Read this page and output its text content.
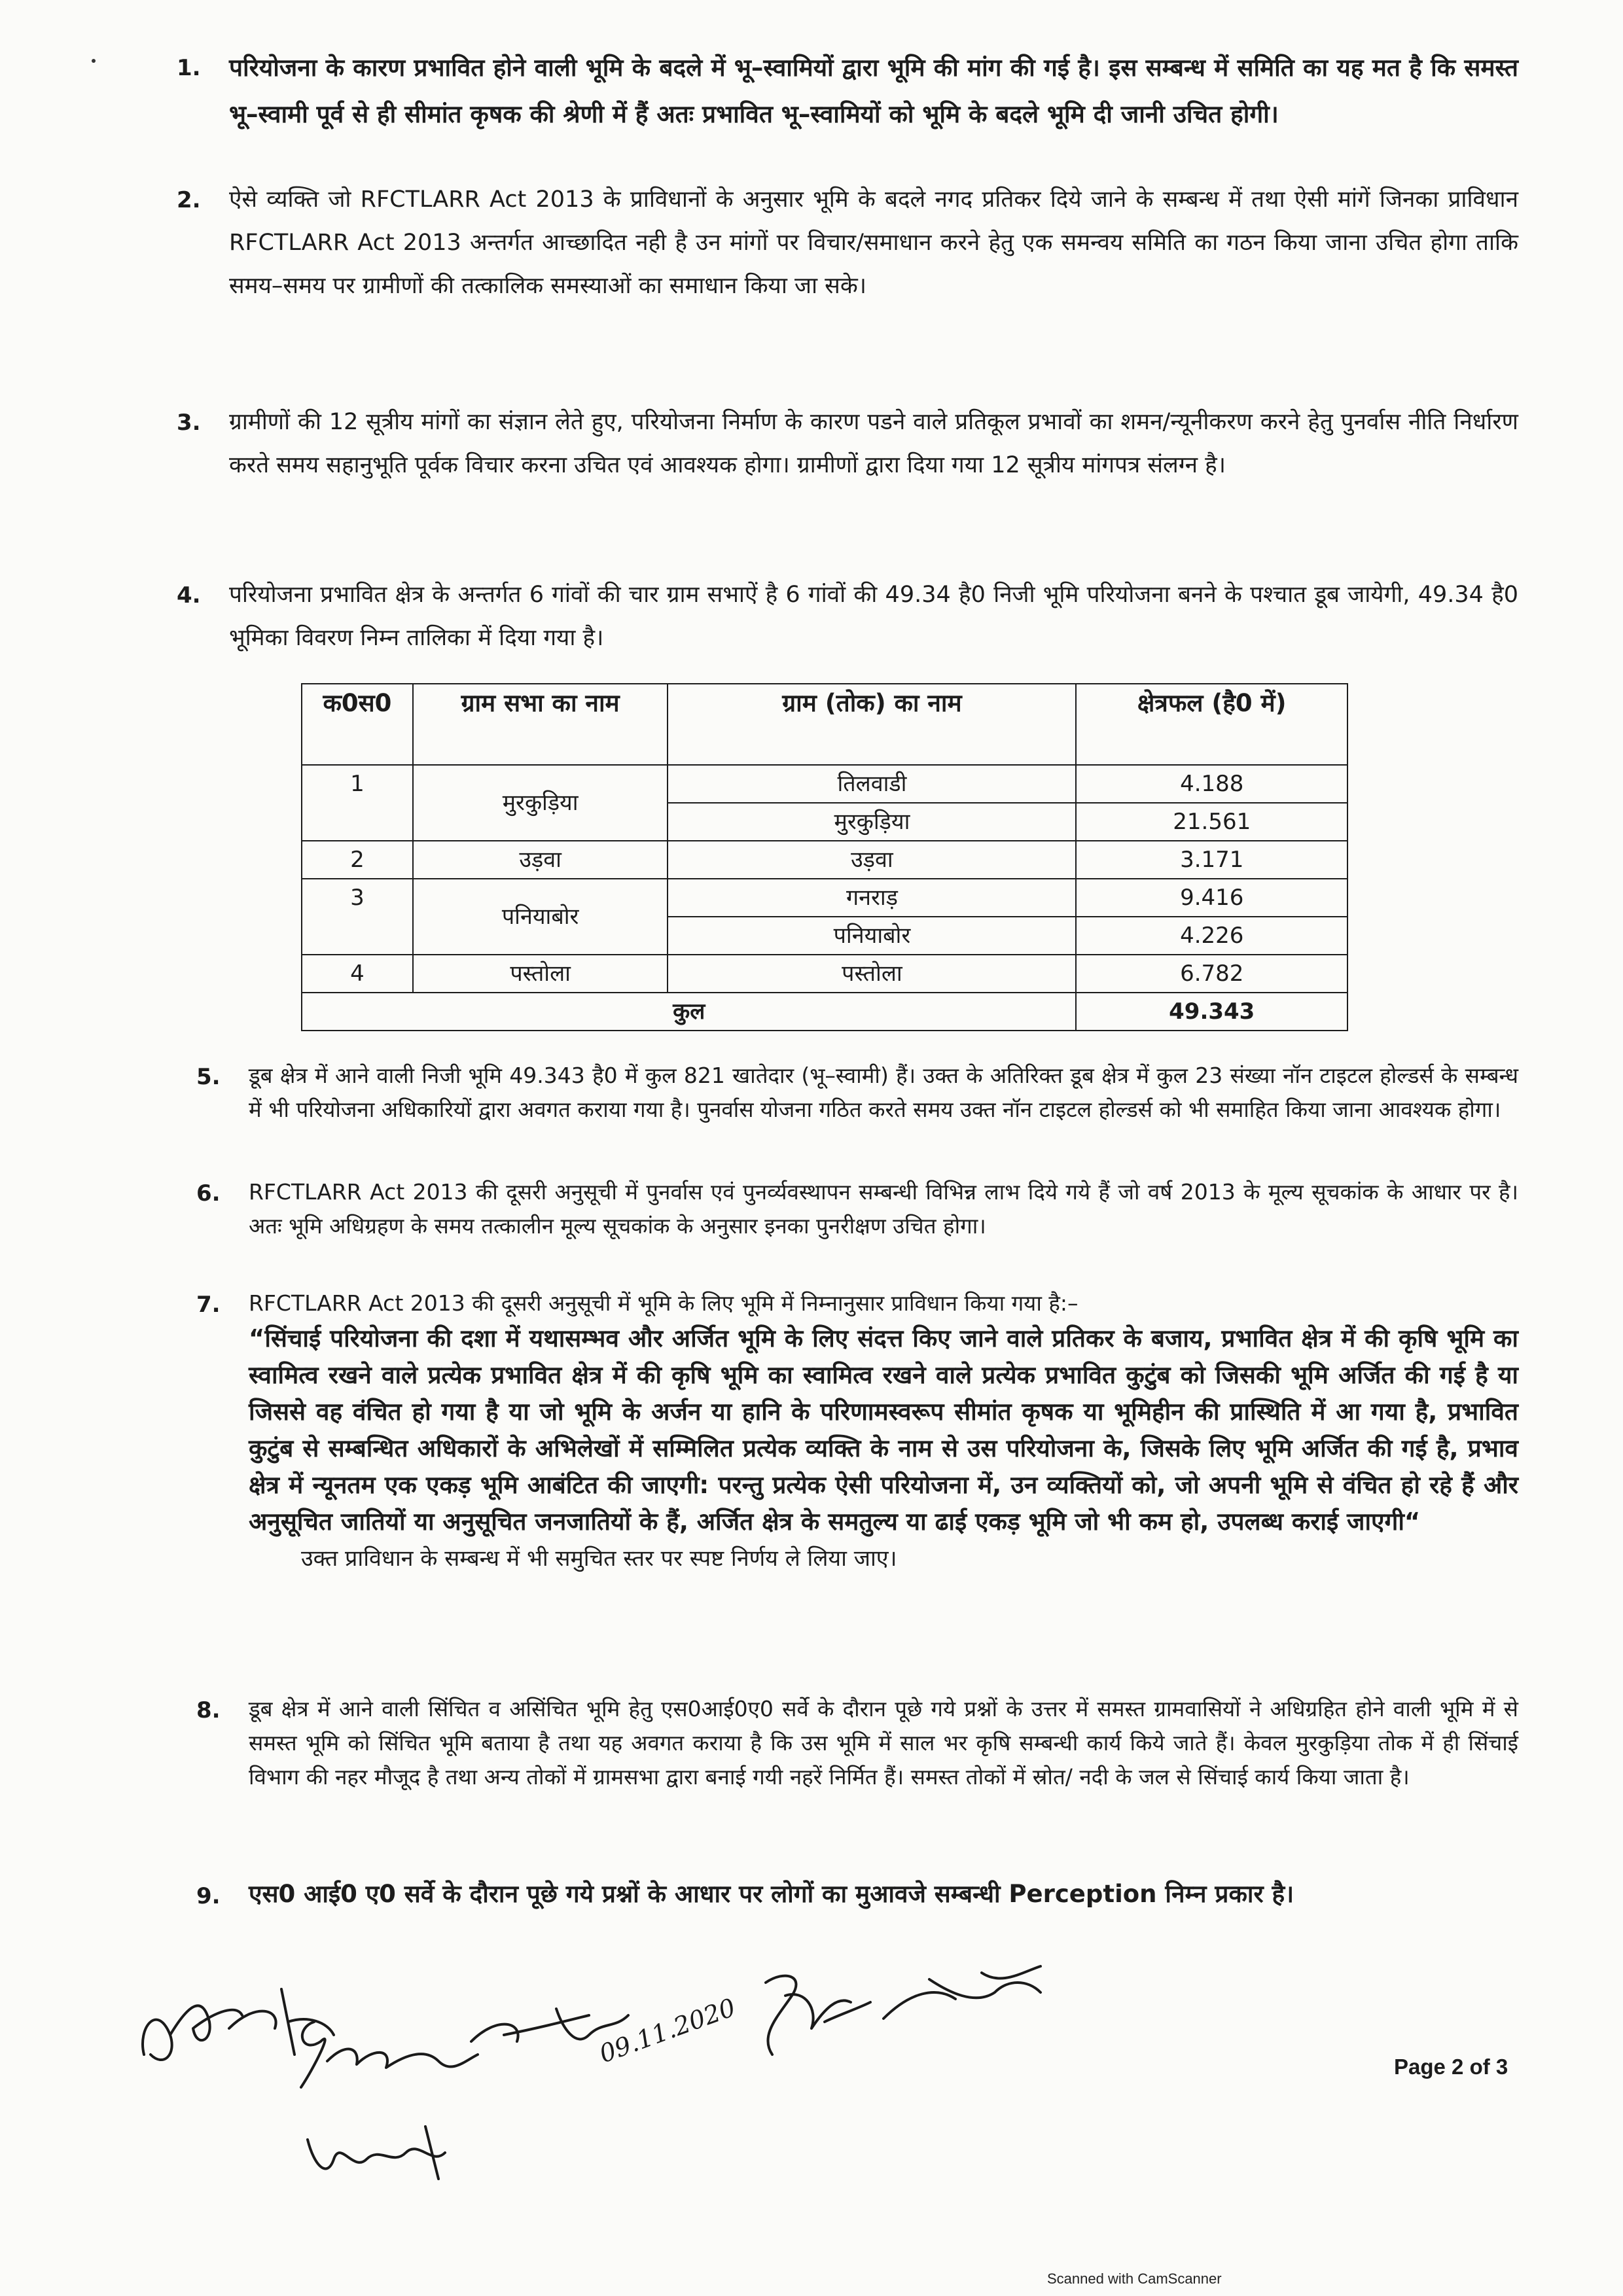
1.	परियोजना के कारण प्रभावित होने वाली भूमि के बदले में भू–स्वामियों द्वारा भूमि की मांग की गई है। इस सम्बन्ध में समिति का यह मत है कि समस्त भू–स्वामी पूर्व से ही सीमांत कृषक की श्रेणी में हैं अतः प्रभावित भू–स्वामियों को भूमि के बदले भूमि दी जानी उचित होगी।
2.	ऐसे व्यक्ति जो RFCTLARR Act 2013 के प्राविधानों के अनुसार भूमि के बदले नगद प्रतिकर दिये जाने के सम्बन्ध में तथा ऐसी मांगें जिनका प्राविधान RFCTLARR Act 2013 अन्तर्गत आच्छादित नही है उन मांगों पर विचार/समाधान करने हेतु एक समन्वय समिति का गठन किया जाना उचित होगा ताकि समय–समय पर ग्रामीणों की तत्कालिक समस्याओं का समाधान किया जा सके।
3.	ग्रामीणों की 12 सूत्रीय मांगों का संज्ञान लेते हुए, परियोजना निर्माण के कारण पडने वाले प्रतिकूल प्रभावों का शमन/न्यूनीकरण करने हेतु पुनर्वास नीति निर्धारण करते समय सहानुभूति पूर्वक विचार करना उचित एवं आवश्यक होगा। ग्रामीणों द्वारा दिया गया 12 सूत्रीय मांगपत्र संलग्न है।
4.	परियोजना प्रभावित क्षेत्र के अन्तर्गत 6 गांवों की चार ग्राम सभाऐं है 6 गांवों की 49.34 है0 निजी भूमि परियोजना बनने के पश्चात डूब जायेगी, 49.34 है0 भूमिका विवरण निम्न तालिका में दिया गया है।
क0स0	ग्राम सभा का नाम	ग्राम (तोक) का नाम	क्षेत्रफल (है0 में)
1	मुरकुड़िया	तिलवाडी	4.188
		मुरकुड़िया	21.561
2	उड़वा	उड़वा	3.171
3	पनियाबोर	गनराड़	9.416
		पनियाबोर	4.226
4	पस्तोला	पस्तोला	6.782
कुल			49.343
5.	डूब क्षेत्र में आने वाली निजी भूमि 49.343 है0 में कुल 821 खातेदार (भू–स्वामी) हैं। उक्त के अतिरिक्त डूब क्षेत्र में कुल 23 संख्या नॉन टाइटल होल्डर्स के सम्बन्ध में भी परियोजना अधिकारियों द्वारा अवगत कराया गया है। पुनर्वास योजना गठित करते समय उक्त नॉन टाइटल होल्डर्स को भी समाहित किया जाना आवश्यक होगा।
6.	RFCTLARR Act 2013 की दूसरी अनुसूची में पुनर्वास एवं पुनर्व्यवस्थापन सम्बन्धी विभिन्न लाभ दिये गये हैं जो वर्ष 2013 के मूल्य सूचकांक के आधार पर है। अतः भूमि अधिग्रहण के समय तत्कालीन मूल्य सूचकांक के अनुसार इनका पुनरीक्षण उचित होगा।
7.	RFCTLARR Act 2013 की दूसरी अनुसूची में भूमि के लिए भूमि में निम्नानुसार प्राविधान किया गया है:–
“सिंचाई परियोजना की दशा में यथासम्भव और अर्जित भूमि के लिए संदत्त किए जाने वाले प्रतिकर के बजाय, प्रभावित क्षेत्र में की कृषि भूमि का स्वामित्व रखने वाले प्रत्येक प्रभावित क्षेत्र में की कृषि भूमि का स्वामित्व रखने वाले प्रत्येक प्रभावित कुटुंब को जिसकी भूमि अर्जित की गई है या जिससे वह वंचित हो गया है या जो भूमि के अर्जन या हानि के परिणामस्वरूप सीमांत कृषक या भूमिहीन की प्रास्थिति में आ गया है, प्रभावित कुटुंब से सम्बन्धित अधिकारों के अभिलेखों में सम्मिलित प्रत्येक व्यक्ति के नाम से उस परियोजना के, जिसके लिए भूमि अर्जित की गई है, प्रभाव क्षेत्र में न्यूनतम एक एकड़ भूमि आबंटित की जाएगी: परन्तु प्रत्येक ऐसी परियोजना में, उन व्यक्तियों को, जो अपनी भूमि से वंचित हो रहे हैं और अनुसूचित जातियों या अनुसूचित जनजातियों के हैं, अर्जित क्षेत्र के समतुल्य या ढाई एकड़ भूमि जो भी कम हो, उपलब्ध कराई जाएगी“
उक्त प्राविधान के सम्बन्ध में भी समुचित स्तर पर स्पष्ट निर्णय ले लिया जाए।
8.	डूब क्षेत्र में आने वाली सिंचित व असिंचित भूमि हेतु एस0आई0ए0 सर्वे के दौरान पूछे गये प्रश्नों के उत्तर में समस्त ग्रामवासियों ने अधिग्रहित होने वाली भूमि में से समस्त भूमि को सिंचित भूमि बताया है तथा यह अवगत कराया है कि उस भूमि में साल भर कृषि सम्बन्धी कार्य किये जाते हैं। केवल मुरकुड़िया तोक में ही सिंचाई विभाग की नहर मौजूद है तथा अन्य तोकों में ग्रामसभा द्वारा बनाई गयी नहरें निर्मित हैं। समस्त तोकों में स्रोत/ नदी के जल से सिंचाई कार्य किया जाता है।
9.	एस0 आई0 ए0 सर्वे के दौरान पूछे गये प्रश्नों के आधार पर लोगों का मुआवजे सम्बन्धी Perception निम्न प्रकार है।
09.11.2020	Page 2 of 3
Scanned with CamScanner
